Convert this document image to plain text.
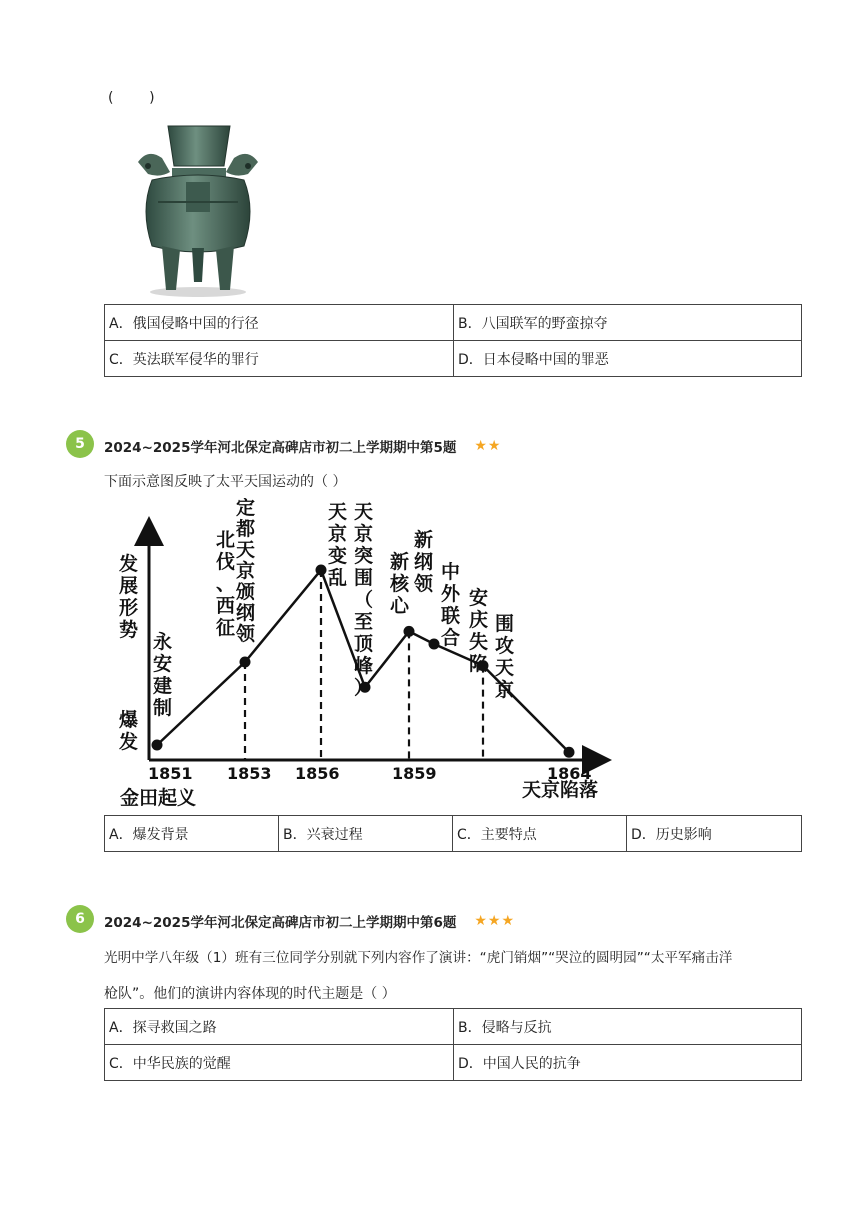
(        )
A．俄国侵略中国的行径	B．八国联军的野蛮掠夺
C．英法联军侵华的罪行	D．日本侵略中国的罪恶
5	2024~2025学年河北保定高碑店市初二上学期期中第5题 ★★
下面示意图反映了太平天国运动的（ ）
1851 1853 1856	1859	1864
金田起义	天京陷落
永安建制
北伐、西征
定都天京颁纲领
天京变乱
天京突围（至顶峰）
新核心
新纲领
中外联合
安庆失陷
围攻天京
发展形势
爆发
A．爆发背景	B．兴衰过程	C．主要特点	D．历史影响
6	2024~2025学年河北保定高碑店市初二上学期期中第6题 ★★★
光明中学八年级（1）班有三位同学分别就下列内容作了演讲：“虎门销烟”“哭泣的圆明园”“太平军痛击洋
枪队”。他们的演讲内容体现的时代主题是（ ）
A．探寻救国之路	B．侵略与反抗
C．中华民族的觉醒	D．中国人民的抗争
